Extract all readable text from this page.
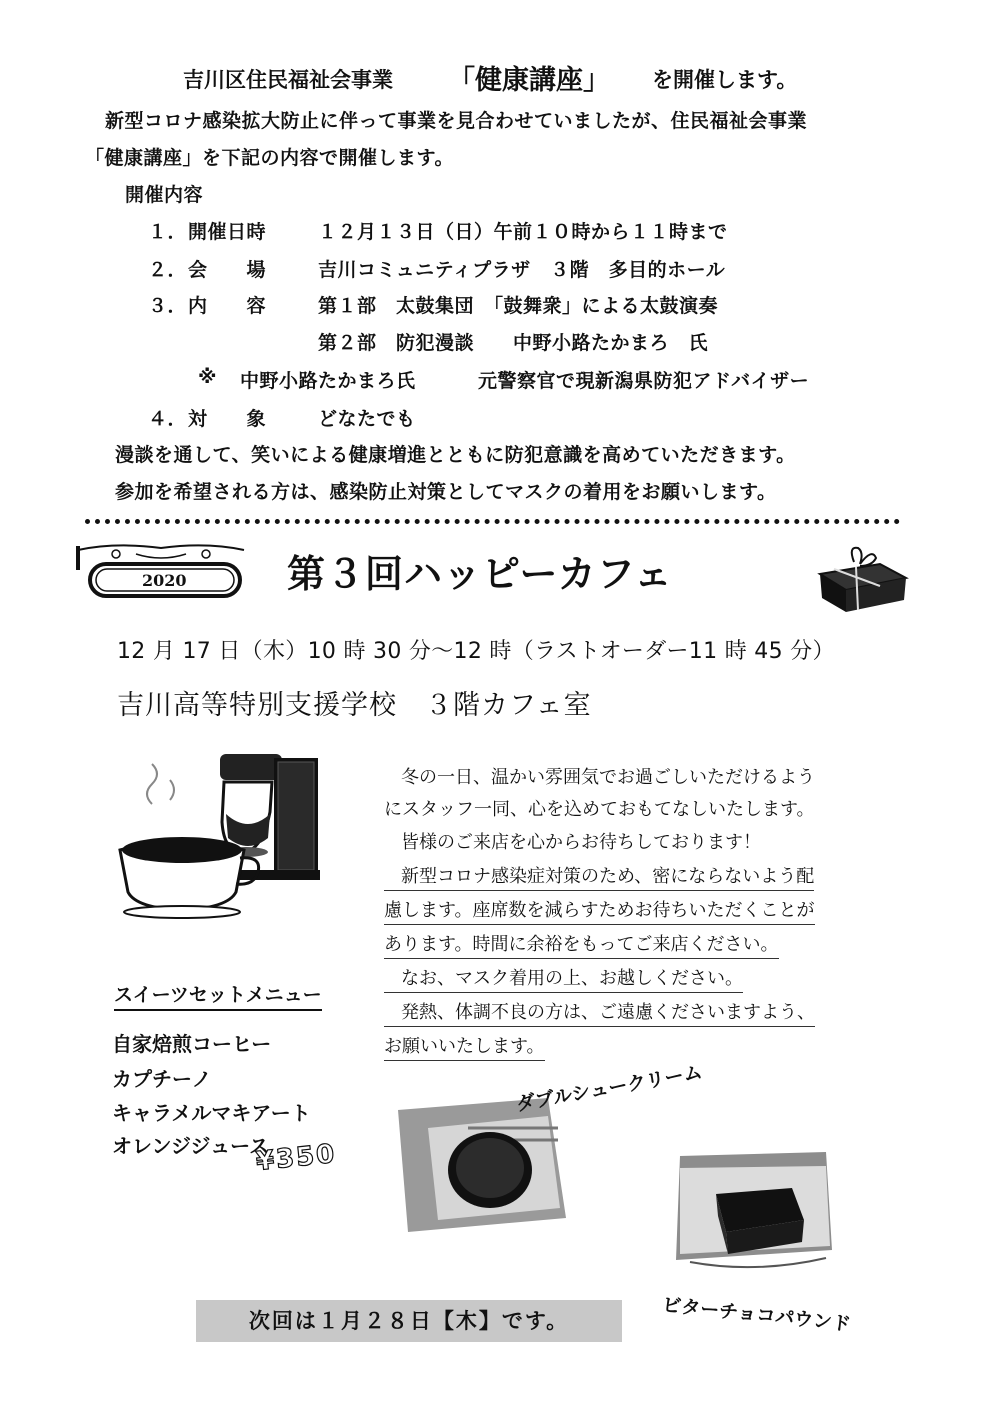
吉川区住民福祉会事業 「健康講座」 を開催します。
新型コロナ感染拡大防止に伴って事業を見合わせていましたが、住民福祉会事業
「健康講座」を下記の内容で開催します。
開催内容
１． 開催日時	１２月１３日（日）午前１０時から１１時まで
２． 会　　場	吉川コミュニティプラザ　３階　多目的ホール
３． 内　　容	第１部　太鼓集団　「鼓舞衆」による太鼓演奏
第２部　防犯漫談　　中野小路たかまろ　氏
※ 中野小路たかまろ氏	元警察官で現新潟県防犯アドバイザー
４． 対　　象	どなたでも
漫談を通して、笑いによる健康増進とともに防犯意識を高めていただきます。
参加を希望される方は、感染防止対策としてマスクの着用をお願いします。
2020	第３回ハッピーカフェ
12 月 17 日（木）10 時 30 分～12 時（ラストオーダー11 時 45 分）
吉川高等特別支援学校　３階カフェ室
冬の一日、温かい雰囲気でお過ごしいただけるよう
にスタッフ一同、心を込めておもてなしいたします。
皆様のご来店を心からお待ちしております！
新型コロナ感染症対策のため、密にならないよう配
慮します。座席数を減らすためお待ちいただくことが
あります。時間に余裕をもってご来店ください。
なお、マスク着用の上、お越しください。
発熱、体調不良の方は、ご遠慮くださいますよう、
お願いいたします。
スイーツセットメニュー
自家焙煎コーヒー
カプチーノ
キャラメルマキアート
オレンジジュース
¥350
ダブルシュークリーム
ビターチョコパウンド
次回は１月２８日【木】です。
